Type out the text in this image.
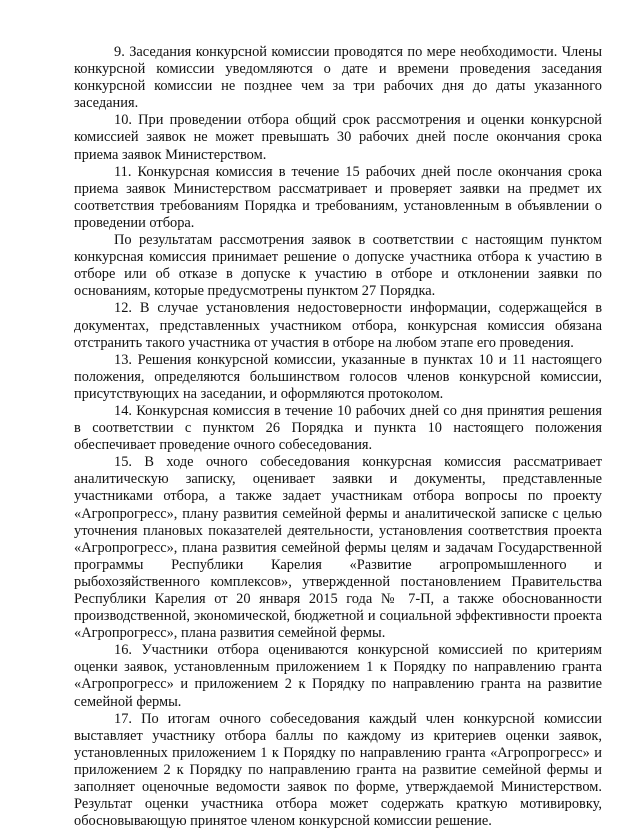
9. Заседания конкурсной комиссии проводятся по мере необходимости. Члены конкурсной комиссии уведомляются о дате и времени проведения заседания конкурсной комиссии не позднее чем за три рабочих дня до даты указанного заседания.

10. При проведении отбора общий срок рассмотрения и оценки конкурсной комиссией заявок не может превышать 30 рабочих дней после окончания срока приема заявок Министерством.

11. Конкурсная комиссия в течение 15 рабочих дней после окончания срока приема заявок Министерством рассматривает и проверяет заявки на предмет их соответствия требованиям Порядка и требованиям, установленным в объявлении о проведении отбора.

По результатам рассмотрения заявок в соответствии с настоящим пунктом конкурсная комиссия принимает решение о допуске участника отбора к участию в отборе или об отказе в допуске к участию в отборе и отклонении заявки по основаниям, которые предусмотрены пунктом 27 Порядка.

12. В случае установления недостоверности информации, содержащейся в документах, представленных участником отбора, конкурсная комиссия обязана отстранить такого участника от участия в отборе на любом этапе его проведения.

13. Решения конкурсной комиссии, указанные в пунктах 10 и 11 настоящего положения, определяются большинством голосов членов конкурсной комиссии, присутствующих на заседании, и оформляются протоколом.

14. Конкурсная комиссия в течение 10 рабочих дней со дня принятия решения в соответствии с пунктом 26 Порядка и пункта 10 настоящего положения обеспечивает проведение очного собеседования.

15. В ходе очного собеседования конкурсная комиссия рассматривает аналитическую записку, оценивает заявки и документы, представленные участниками отбора, а также задает участникам отбора вопросы по проекту «Агропрогресс», плану развития семейной фермы и аналитической записке с целью уточнения плановых показателей деятельности, установления соответствия проекта «Агропрогресс», плана развития семейной фермы целям и задачам Государственной программы Республики Карелия «Развитие агропромышленного и рыбохозяйственного комплексов», утвержденной постановлением Правительства Республики Карелия от 20 января 2015 года № 7-П, а также обоснованности производственной, экономической, бюджетной и социальной эффективности проекта «Агропрогресс», плана развития семейной фермы.

16. Участники отбора оцениваются конкурсной комиссией по критериям оценки заявок, установленным приложением 1 к Порядку по направлению гранта «Агропрогресс» и приложением 2 к Порядку по направлению гранта на развитие семейной фермы.

17. По итогам очного собеседования каждый член конкурсной комиссии выставляет участнику отбора баллы по каждому из критериев оценки заявок, установленных приложением 1 к Порядку по направлению гранта «Агропрогресс» и приложением 2 к Порядку по направлению гранта на развитие семейной фермы и заполняет оценочные ведомости заявок по форме, утверждаемой Министерством. Результат оценки участника отбора может содержать краткую мотивировку, обосновывающую принятое членом конкурсной комиссии решение.
